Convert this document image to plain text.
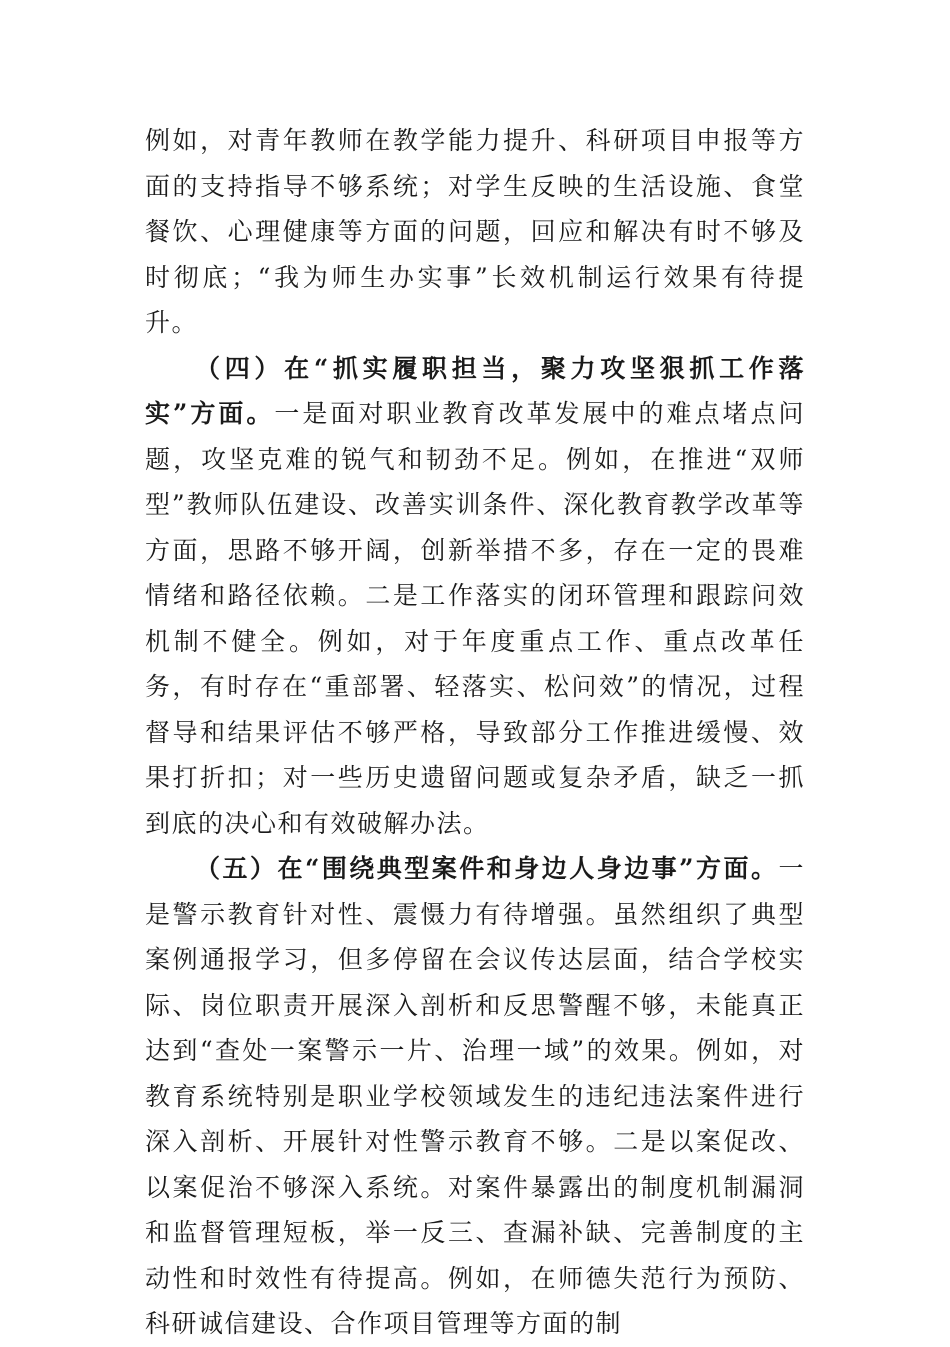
例如，对青年教师在教学能力提升、科研项目申报等方面的支持指导不够系统；对学生反映的生活设施、食堂餐饮、心理健康等方面的问题，回应和解决有时不够及时彻底；“我为师生办实事”长效机制运行效果有待提升。

（四）在“抓实履职担当，聚力攻坚狠抓工作落实”方面。一是面对职业教育改革发展中的难点堵点问题，攻坚克难的锐气和韧劲不足。例如，在推进“双师型”教师队伍建设、改善实训条件、深化教育教学改革等方面，思路不够开阔，创新举措不多，存在一定的畏难情绪和路径依赖。二是工作落实的闭环管理和跟踪问效机制不健全。例如，对于年度重点工作、重点改革任务，有时存在“重部署、轻落实、松问效”的情况，过程督导和结果评估不够严格，导致部分工作推进缓慢、效果打折扣；对一些历史遗留问题或复杂矛盾，缺乏一抓到底的决心和有效破解办法。

（五）在“围绕典型案件和身边人身边事”方面。一是警示教育针对性、震慑力有待增强。虽然组织了典型案例通报学习，但多停留在会议传达层面，结合学校实际、岗位职责开展深入剖析和反思警醒不够，未能真正达到“查处一案警示一片、治理一域”的效果。例如，对教育系统特别是职业学校领域发生的违纪违法案件进行深入剖析、开展针对性警示教育不够。二是以案促改、以案促治不够深入系统。对案件暴露出的制度机制漏洞和监督管理短板，举一反三、查漏补缺、完善制度的主动性和时效性有待提高。例如，在师德失范行为预防、科研诚信建设、合作项目管理等方面的制
